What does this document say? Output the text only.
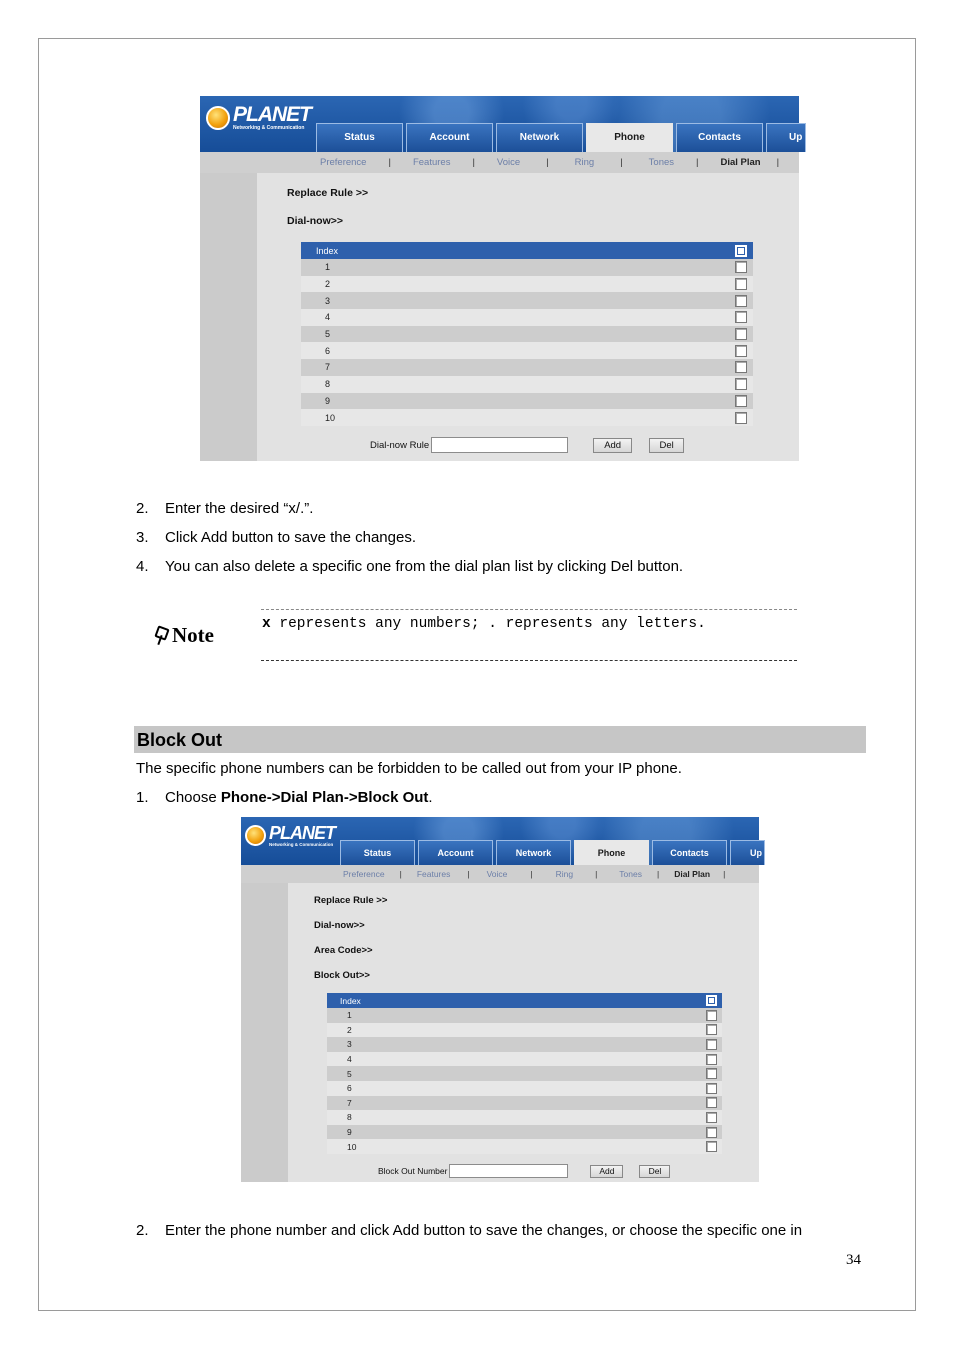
PLANET
Networking & Communication
Status	Account	Network	Phone	Contacts	Up
Preference | Features | Voice	|	Ring	|	Tones | Dial Plan |
Replace Rule >>
Dial-now>>
Index
1
2
3
4
5
6
7
8
9
10
Dial-now Rule	Add	Del
2. Enter the desired “x/.”.
3. Click Add button to save the changes.
4. You can also delete a specific one from the dial plan list by clicking Del button.
Note	x represents any numbers; . represents any letters.
Block Out
The specific phone numbers can be forbidden to be called out from your IP phone.
1. Choose Phone->Dial Plan->Block Out.
PLANET
Networking & Communication
Status	Account	Network	Phone	Contacts	Up
Preference | Features | Voice	|	Ring	|	Tones | Dial Plan |
Replace Rule >>
Dial-now>>
Area Code>>
Block Out>>
Index
1
2
3
4
5
6
7
8
9
10
Block Out Number	Add	Del
2. Enter the phone number and click Add button to save the changes, or choose the specific one in
34
